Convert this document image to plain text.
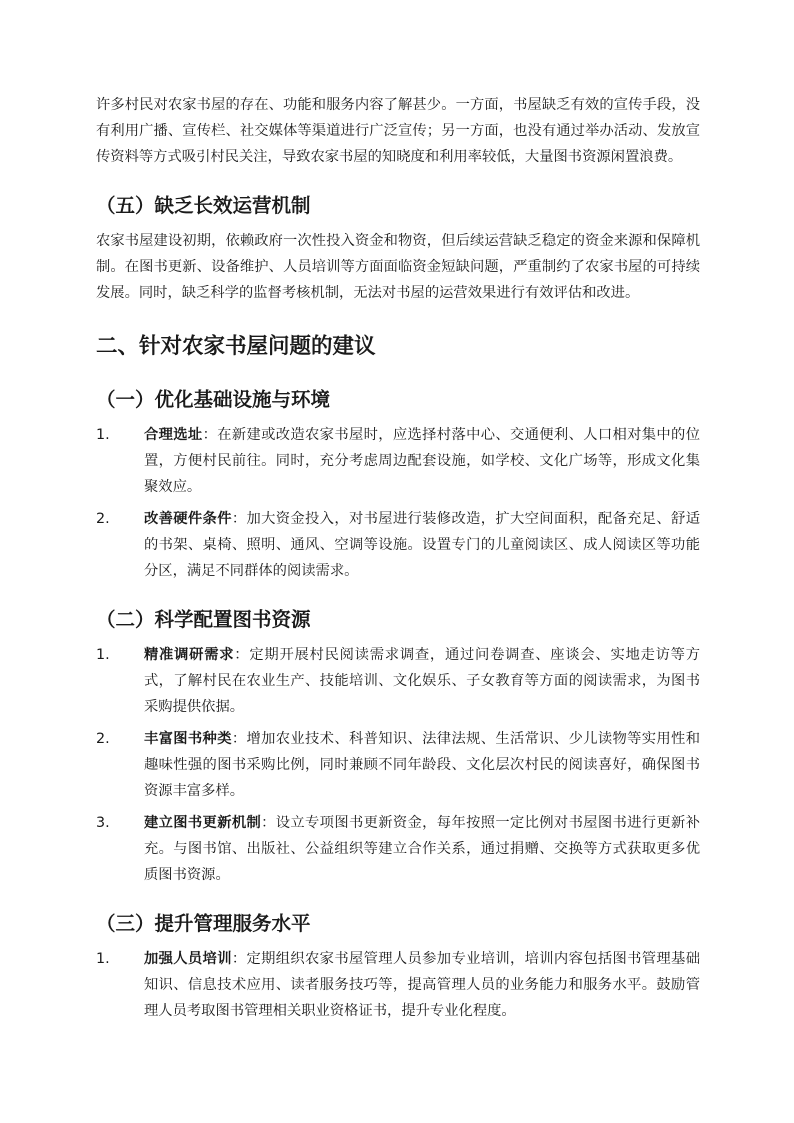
许多村民对农家书屋的存在、功能和服务内容了解甚少。一方面，书屋缺乏有效的宣传手段，没有利用广播、宣传栏、社交媒体等渠道进行广泛宣传；另一方面，也没有通过举办活动、发放宣传资料等方式吸引村民关注，导致农家书屋的知晓度和利用率较低，大量图书资源闲置浪费。

（五）缺乏长效运营机制

农家书屋建设初期，依赖政府一次性投入资金和物资，但后续运营缺乏稳定的资金来源和保障机制。在图书更新、设备维护、人员培训等方面面临资金短缺问题，严重制约了农家书屋的可持续发展。同时，缺乏科学的监督考核机制，无法对书屋的运营效果进行有效评估和改进。

二、针对农家书屋问题的建议
（一）优化基础设施与环境
1.	合理选址：在新建或改造农家书屋时，应选择村落中心、交通便利、人口相对集中的位置，方便村民前往。同时，充分考虑周边配套设施，如学校、文化广场等，形成文化集聚效应。
2.	改善硬件条件：加大资金投入，对书屋进行装修改造，扩大空间面积，配备充足、舒适的书架、桌椅、照明、通风、空调等设施。设置专门的儿童阅读区、成人阅读区等功能分区，满足不同群体的阅读需求。
（二）科学配置图书资源
1.	精准调研需求：定期开展村民阅读需求调查，通过问卷调查、座谈会、实地走访等方式，了解村民在农业生产、技能培训、文化娱乐、子女教育等方面的阅读需求，为图书采购提供依据。
2.	丰富图书种类：增加农业技术、科普知识、法律法规、生活常识、少儿读物等实用性和趣味性强的图书采购比例，同时兼顾不同年龄段、文化层次村民的阅读喜好，确保图书资源丰富多样。
3.	建立图书更新机制：设立专项图书更新资金，每年按照一定比例对书屋图书进行更新补充。与图书馆、出版社、公益组织等建立合作关系，通过捐赠、交换等方式获取更多优质图书资源。
（三）提升管理服务水平
1.	加强人员培训：定期组织农家书屋管理人员参加专业培训，培训内容包括图书管理基础知识、信息技术应用、读者服务技巧等，提高管理人员的业务能力和服务水平。鼓励管理人员考取图书管理相关职业资格证书，提升专业化程度。
